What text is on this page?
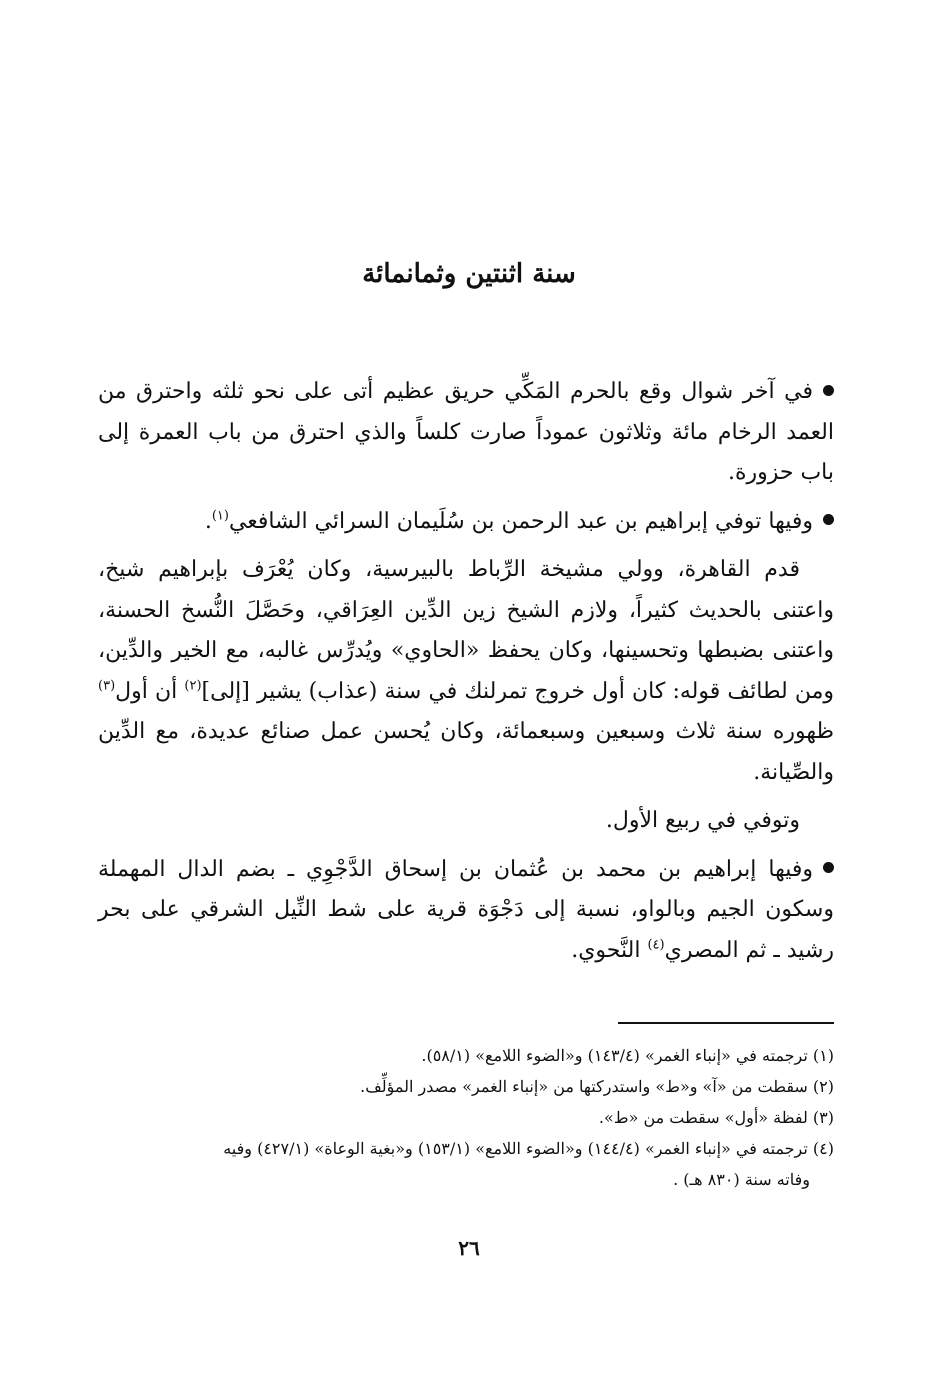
سنة اثنتين وثمانمائة

في آخر شوال وقع بالحرم المَكِّي حريق عظيم أتى على نحو ثلثه واحترق من العمد الرخام مائة وثلاثون عموداً صارت كلساً والذي احترق من باب العمرة إلى باب حزورة.

وفيها توفي إبراهيم بن عبد الرحمن بن سُلَيمان السرائي الشافعي$^{(١)}$.

قدم القاهرة، وولي مشيخة الرِّباط بالبيرسية، وكان يُعْرَف بإبراهيم شيخ، واعتنى بالحديث كثيراً، ولازم الشيخ زين الدِّين العِرَاقي، وحَصَّلَ النُّسخ الحسنة، واعتنى بضبطها وتحسينها، وكان يحفظ «الحاوي» ويُدرِّس غالبه، مع الخير والدِّين، ومن لطائف قوله: كان أول خروج تمرلنك في سنة (عذاب) يشير [إلى]$^{(٢)}$ أن أول$^{(٣)}$ ظهوره سنة ثلاث وسبعين وسبعمائة، وكان يُحسن عمل صنائع عديدة، مع الدِّين والصِّيانة.

وتوفي في ربيع الأول.

وفيها إبراهيم بن محمد بن عُثمان بن إسحاق الدَّجْوِي ـ بضم الدال المهملة وسكون الجيم وبالواو، نسبة إلى دَجْوَة قرية على شط النِّيل الشرقي على بحر رشيد ـ ثم المصري$^{(٤)}$ النَّحوي.

(١) ترجمته في «إنباء الغمر» (١٤٣/٤) و«الضوء اللامع» (٥٨/١).

(٢) سقطت من «آ» و«ط» واستدركتها من «إنباء الغمر» مصدر المؤلِّف.

(٣) لفظة «أول» سقطت من «ط».

(٤) ترجمته في «إنباء الغمر» (١٤٤/٤) و«الضوء اللامع» (١٥٣/١) و«بغية الوعاة» (٤٢٧/١) وفيه

وفاته سنة (٨٣٠ هـ) .

٢٦
